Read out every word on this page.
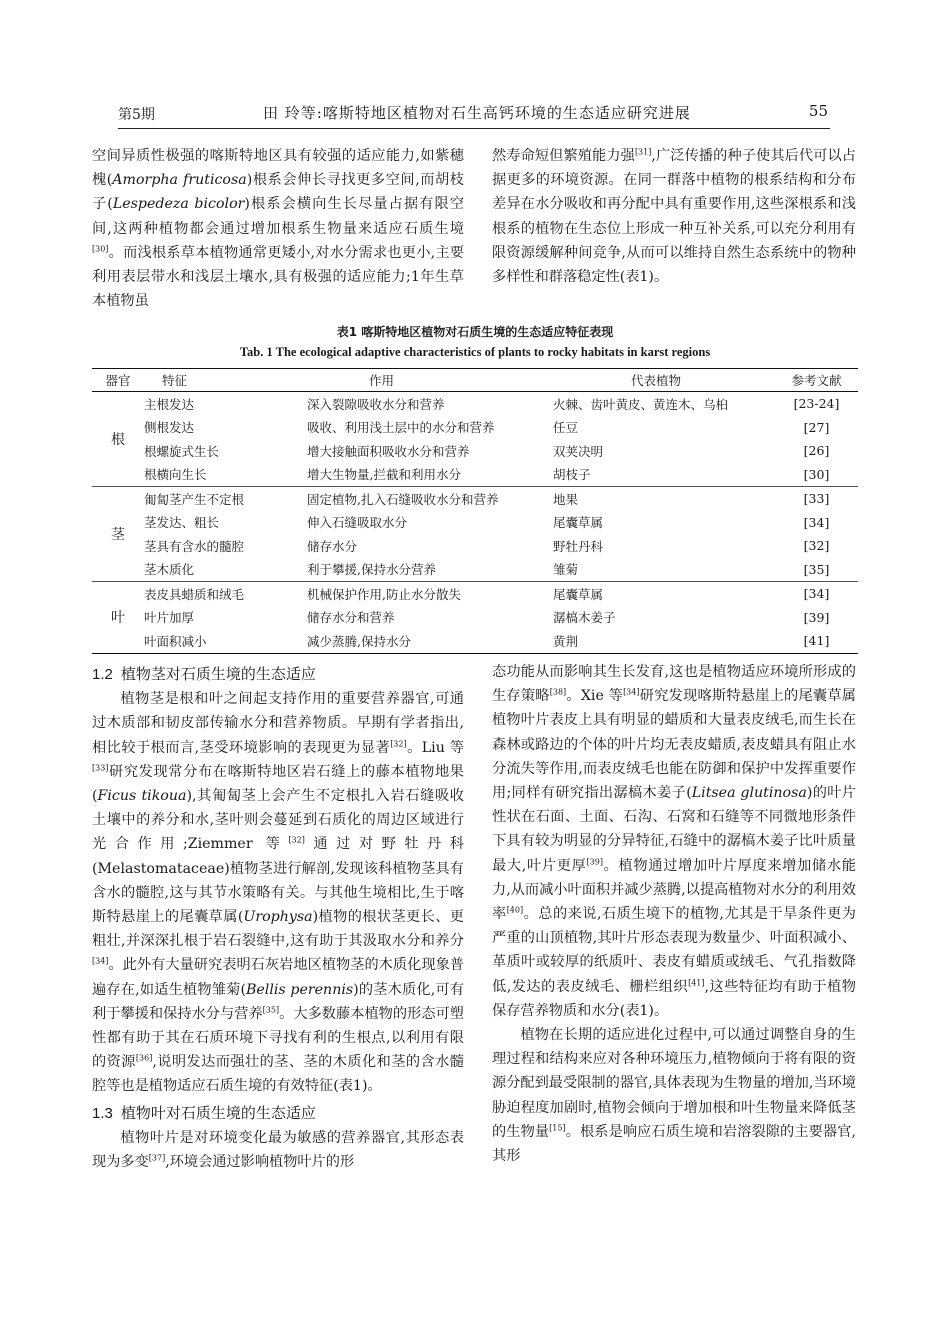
第5期	田 玲等:喀斯特地区植物对石生高钙环境的生态适应研究进展	55

空间异质性极强的喀斯特地区具有较强的适应能力,如紫穗槐(Amorpha fruticosa)根系会伸长寻找更多空间,而胡枝子(Lespedeza bicolor)根系会横向生长尽量占据有限空间,这两种植物都会通过增加根系生物量来适应石质生境[30]。而浅根系草本植物通常更矮小,对水分需求也更小,主要利用表层带水和浅层土壤水,具有极强的适应能力;1年生草本植物虽

然寿命短但繁殖能力强[31],广泛传播的种子使其后代可以占据更多的环境资源。在同一群落中植物的根系结构和分布差异在水分吸收和再分配中具有重要作用,这些深根系和浅根系的植物在生态位上形成一种互补关系,可以充分利用有限资源缓解种间竞争,从而可以维持自然生态系统中的物种多样性和群落稳定性(表1)。

表1 喀斯特地区植物对石质生境的生态适应特征表现
Tab. 1 The ecological adaptive characteristics of plants to rocky habitats in karst regions
器官	特征	作用	代表植物	参考文献
根	主根发达	深入裂隙吸收水分和营养	火棘、齿叶黄皮、黄连木、乌桕	[23-24]
	侧根发达	吸收、利用浅土层中的水分和营养	任豆	[27]
	根螺旋式生长	增大接触面积吸收水分和营养	双荚决明	[26]
	根横向生长	增大生物量,拦截和利用水分	胡枝子	[30]
茎	匍匐茎产生不定根	固定植物,扎入石缝吸收水分和营养	地果	[33]
	茎发达、粗长	伸入石缝吸取水分	尾囊草属	[34]
	茎具有含水的髓腔	储存水分	野牡丹科	[32]
	茎木质化	利于攀援,保持水分营养	雏菊	[35]
叶	表皮具蜡质和绒毛	机械保护作用,防止水分散失	尾囊草属	[34]
	叶片加厚	储存水分和营养	潺槁木姜子	[39]
	叶面积减小	减少蒸腾,保持水分	黄荆	[41]
1.2 植物茎对石质生境的生态适应

植物茎是根和叶之间起支持作用的重要营养器官,可通过木质部和韧皮部传输水分和营养物质。早期有学者指出,相比较于根而言,茎受环境影响的表现更为显著[32]。Liu 等[33]研究发现常分布在喀斯特地区岩石缝上的藤本植物地果(Ficus tikoua),其匍匐茎上会产生不定根扎入岩石缝吸收土壤中的养分和水,茎叶则会蔓延到石质化的周边区域进行光合作用;Ziemmer 等[32]通过对野牡丹科(Melastomataceae)植物茎进行解剖,发现该科植物茎具有含水的髓腔,这与其节水策略有关。与其他生境相比,生于喀斯特悬崖上的尾囊草属(Urophysa)植物的根状茎更长、更粗壮,并深深扎根于岩石裂缝中,这有助于其汲取水分和养分[34]。此外有大量研究表明石灰岩地区植物茎的木质化现象普遍存在,如适生植物雏菊(Bellis perennis)的茎木质化,可有利于攀援和保持水分与营养[35]。大多数藤本植物的形态可塑性都有助于其在石质环境下寻找有利的生根点,以利用有限的资源[36],说明发达而强壮的茎、茎的木质化和茎的含水髓腔等也是植物适应石质生境的有效特征(表1)。

1.3 植物叶对石质生境的生态适应

植物叶片是对环境变化最为敏感的营养器官,其形态表现为多变[37],环境会通过影响植物叶片的形

态功能从而影响其生长发育,这也是植物适应环境所形成的生存策略[38]。Xie 等[34]研究发现喀斯特悬崖上的尾囊草属植物叶片表皮上具有明显的蜡质和大量表皮绒毛,而生长在森林或路边的个体的叶片均无表皮蜡质,表皮蜡具有阻止水分流失等作用,而表皮绒毛也能在防御和保护中发挥重要作用;同样有研究指出潺槁木姜子(Litsea glutinosa)的叶片性状在石面、土面、石沟、石窝和石缝等不同微地形条件下具有较为明显的分异特征,石缝中的潺槁木姜子比叶质量最大,叶片更厚[39]。植物通过增加叶片厚度来增加储水能力,从而减小叶面积并减少蒸腾,以提高植物对水分的利用效率[40]。总的来说,石质生境下的植物,尤其是干旱条件更为严重的山顶植物,其叶片形态表现为数量少、叶面积减小、革质叶或较厚的纸质叶、表皮有蜡质或绒毛、气孔指数降低,发达的表皮绒毛、栅栏组织[41],这些特征均有助于植物保存营养物质和水分(表1)。

植物在长期的适应进化过程中,可以通过调整自身的生理过程和结构来应对各种环境压力,植物倾向于将有限的资源分配到最受限制的器官,具体表现为生物量的增加,当环境胁迫程度加剧时,植物会倾向于增加根和叶生物量来降低茎的生物量[15]。根系是响应石质生境和岩溶裂隙的主要器官,其形
